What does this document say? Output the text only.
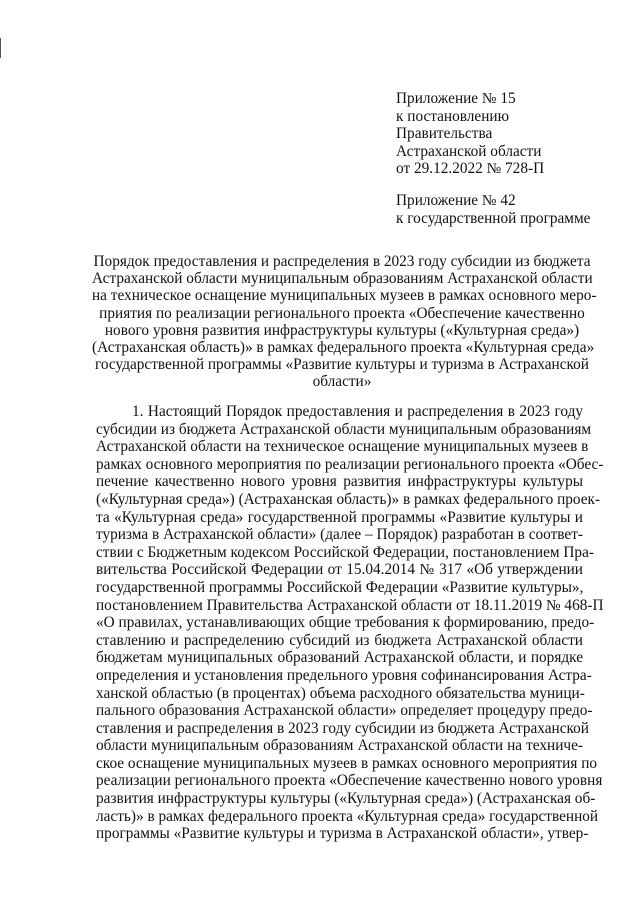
Приложение № 15
к постановлению
Правительства
Астраханской области
от 29.12.2022 № 728-П
Приложение № 42
к государственной программе
Порядок предоставления и распределения в 2023 году субсидии из бюджета
Астраханской области муниципальным образованиям Астраханской области
на техническое оснащение муниципальных музеев в рамках основного меро-
приятия по реализации регионального проекта «Обеспечение качественно
нового уровня развития инфраструктуры культуры («Культурная среда»)
(Астраханская область)» в рамках федерального проекта «Культурная среда»
государственной программы «Развитие культуры и туризма в Астраханской
области»
1. Настоящий Порядок предоставления и распределения в 2023 году
субсидии из бюджета Астраханской области муниципальным образованиям
Астраханской области на техническое оснащение муниципальных музеев в
рамках основного мероприятия по реализации регионального проекта «Обес-
печение качественно нового уровня развития инфраструктуры культуры
(«Культурная среда») (Астраханская область)» в рамках федерального проек-
та «Культурная среда» государственной программы «Развитие культуры и
туризма в Астраханской области» (далее – Порядок) разработан в соответ-
ствии с Бюджетным кодексом Российской Федерации, постановлением Пра-
вительства Российской Федерации от 15.04.2014 № 317 «Об утверждении
государственной программы Российской Федерации «Развитие культуры»,
постановлением Правительства Астраханской области от 18.11.2019 № 468-П
«О правилах, устанавливающих общие требования к формированию, предо-
ставлению и распределению субсидий из бюджета Астраханской области
бюджетам муниципальных образований Астраханской области, и порядке
определения и установления предельного уровня софинансирования Астра-
ханской областью (в процентах) объема расходного обязательства муници-
пального образования Астраханской области» определяет процедуру предо-
ставления и распределения в 2023 году субсидии из бюджета Астраханской
области муниципальным образованиям Астраханской области на техниче-
ское оснащение муниципальных музеев в рамках основного мероприятия по
реализации регионального проекта «Обеспечение качественно нового уровня
развития инфраструктуры культуры («Культурная среда») (Астраханская об-
ласть)» в рамках федерального проекта «Культурная среда» государственной
программы «Развитие культуры и туризма в Астраханской области», утвер-
